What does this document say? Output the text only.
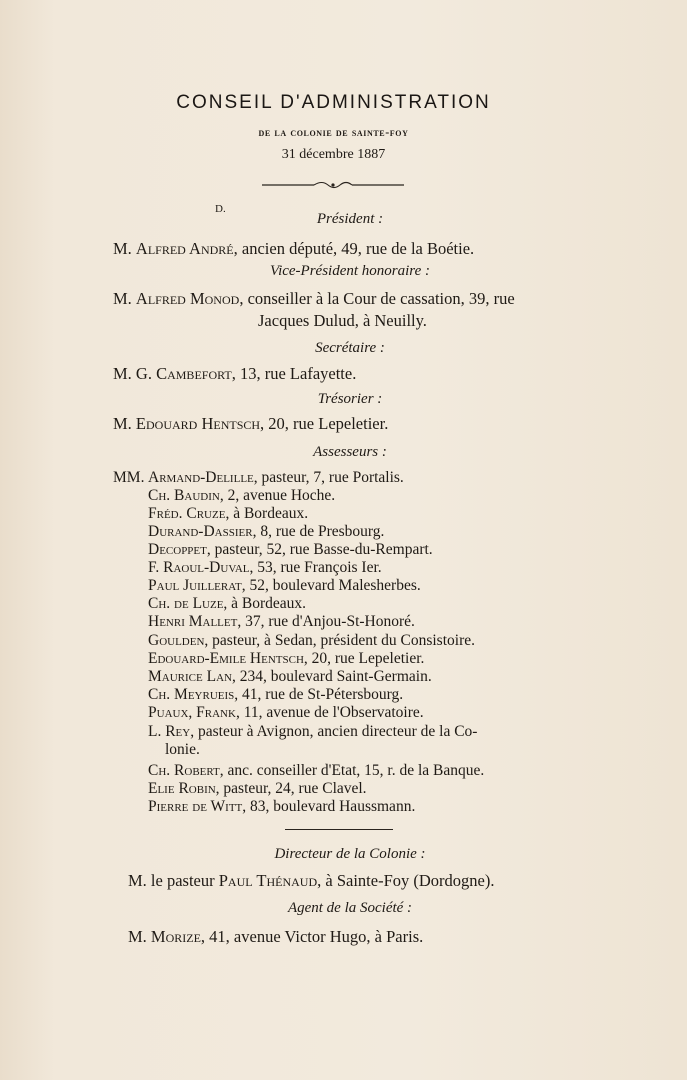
CONSEIL D'ADMINISTRATION
de la colonie de sainte-foy
31 décembre 1887
D.
Président :
M. Alfred André, ancien député, 49, rue de la Boétie.
Vice-Président honoraire :
M. Alfred Monod, conseiller à la Cour de cassation, 39, rue
Jacques Dulud, à Neuilly.
Secrétaire :
M. G. Cambefort, 13, rue Lafayette.
Trésorier :
M. Edouard Hentsch, 20, rue Lepeletier.
Assesseurs :
MM. Armand-Delille, pasteur, 7, rue Portalis.
Ch. Baudin, 2, avenue Hoche.
Fréd. Cruze, à Bordeaux.
Durand-Dassier, 8, rue de Presbourg.
Decoppet, pasteur, 52, rue Basse-du-Rempart.
F. Raoul-Duval, 53, rue François Ier.
Paul Juillerat, 52, boulevard Malesherbes.
Ch. de Luze, à Bordeaux.
Henri Mallet, 37, rue d'Anjou-St-Honoré.
Goulden, pasteur, à Sedan, président du Consistoire.
Edouard-Emile Hentsch, 20, rue Lepeletier.
Maurice Lan, 234, boulevard Saint-Germain.
Ch. Meyrueis, 41, rue de St-Pétersbourg.
Puaux, Frank, 11, avenue de l'Observatoire.
L. Rey, pasteur à Avignon, ancien directeur de la Co-
lonie.
Ch. Robert, anc. conseiller d'Etat, 15, r. de la Banque.
Elie Robin, pasteur, 24, rue Clavel.
Pierre de Witt, 83, boulevard Haussmann.
Directeur de la Colonie :
M. le pasteur Paul Thénaud, à Sainte-Foy (Dordogne).
Agent de la Société :
M. Morize, 41, avenue Victor Hugo, à Paris.
